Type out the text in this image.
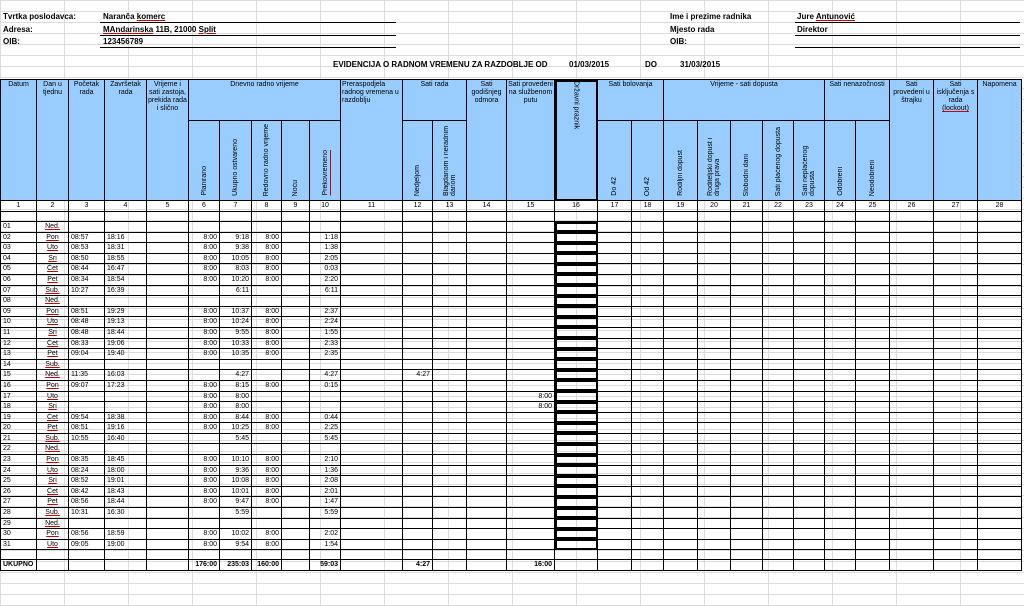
Tvrtka poslodavca:	Naranča komerc
Adresa:	MAndarinska 11B, 21000 Split
OIB:	123456789
Ime i prezime radnika	Jure Antunović
Mjesto rada	Direktor
OIB:
EVIDENCIJA O RADNOM VREMENU ZA RAZDOBLJE OD	01/03/2015	DO	31/03/2015
Datum	Dan u tjednu	Početak rada	Završetak rada	Vrijeme i sati zastoja, prekida rada i slično	Dnevno radno vrijeme					Preraspodjela radnog vremena u razdoblju	Sati rada		Sati godišnjeg odmora	Sati provedeni na službenom putu	Državni praznik	Sati bolovanja		Vrijeme - sati dopusta					Sati nenazočnosti		Sati provedeni u štrajku	Sati isključenja s rada
(lockout)	Napomena
					Planirano	Ukupno ostvareno	Redovno radno vrijeme	Noću	Prekovremeno		Nedjeljom	Blagdanom i neradnim danom				Do 42	Od 42	Rodiljni dopust	Roditeljski dopust i druga prava	Slobodni dani	Sati plaćenog dopusta	Sati neplaćenog dopusta	Odobreni	Neodobreni			
1	2	3	4	5	6	7	8	9	10	11	12	13	14	15	16	17	18	19	20	21	22	23	24	25	26	27	28

01	Ned.																										
02	Pon	08:57	18:16		8:00	9:18	8:00		1:18																		
03	Uto	08:53	18:31		8:00	9:38	8:00		1:38																		
04	Sri	08:50	18:55		8:00	10:05	8:00		2:05																		
05	Čet	08:44	16:47		8:00	8:03	8:00		0:03																		
06	Pet	08:34	18:54		8:00	10:20	8:00		2:20																		
07	Sub.	10:27	16:39			6:11			6:11																		
08	Ned.																										
09	Pon	08:51	19:29		8:00	10:37	8:00		2:37																		
10	Uto	08:48	19:13		8:00	10:24	8:00		2:24																		
11	Sri	08:48	18:44		8:00	9:55	8:00		1:55																		
12	Čet	08:33	19:06		8:00	10:33	8:00		2:33																		
13	Pet	09:04	19:40		8:00	10:35	8:00		2:35																		
14	Sub.																										
15	Ned.	11:35	16:03			4:27			4:27		4:27																
16	Pon	09:07	17:23		8:00	8:15	8:00		0:15																		
17	Uto				8:00	8:00								8:00													
18	Sri				8:00	8:00								8:00													
19	Čet	09:54	18:38		8:00	8:44	8:00		0:44																		
20	Pet	08:51	19:16		8:00	10:25	8:00		2:25																		
21	Sub.	10:55	16:40			5:45			5:45																		
22	Ned.																										
23	Pon	08:35	18:45		8:00	10:10	8:00		2:10																		
24	Uto	08:24	18:00		8:00	9:36	8:00		1:36																		
25	Sri	08:52	19:01		8:00	10:08	8:00		2:08																		
26	Čet	08:42	18:43		8:00	10:01	8:00		2:01																		
27	Pet	08:56	18:44		8:00	9:47	8:00		1:47																		
28	Sub.	10:31	16:30			5:59			5:59																		
29	Ned.																										
30	Pon	08:56	18:59		8:00	10:02	8:00		2:02																		
31	Uto	09:05	19:00		8:00	9:54	8:00		1:54																		

UKUPNO					176:00	235:03	160:00		59:03		4:27			16:00													
